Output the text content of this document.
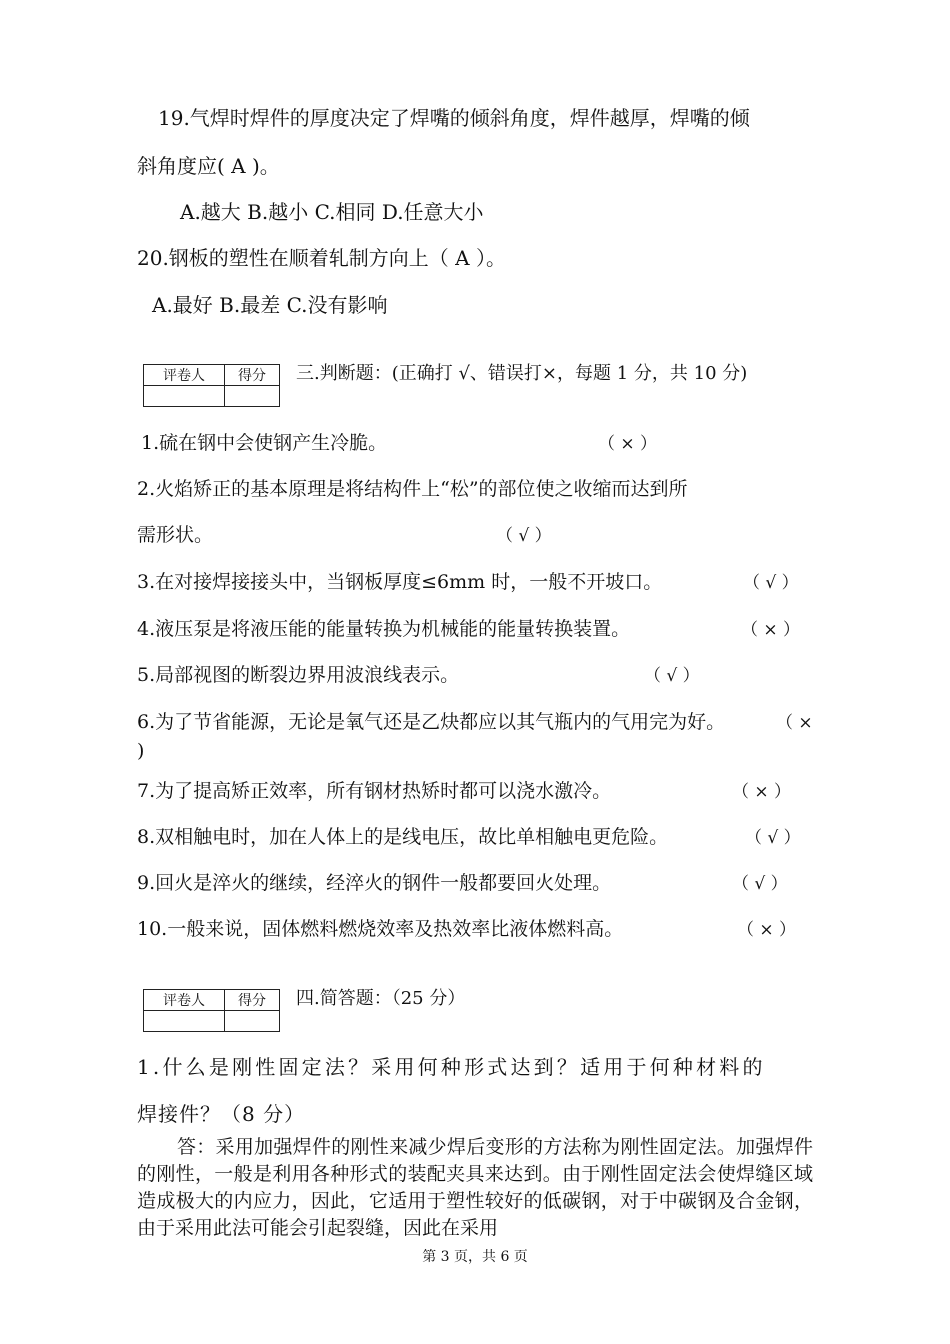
19.气焊时焊件的厚度决定了焊嘴的倾斜角度，焊件越厚，焊嘴的倾
斜角度应( A )。
A.越大 B.越小 C.相同 D.任意大小
20.钢板的塑性在顺着轧制方向上（ A ）。
A.最好 B.最差 C.没有影响
评卷人	得分
	三.判断题：(正确打 √、错误打×，每题 1 分，共 10 分)
1.硫在钢中会使钢产生冷脆。	（ × ）
2.火焰矫正的基本原理是将结构件上“松”的部位使之收缩而达到所
需形状。	（ √ ）
3.在对接焊接接头中，当钢板厚度≤6mm 时，一般不开坡口。	（ √ ）
4.液压泵是将液压能的能量转换为机械能的能量转换装置。	（ × ）
5.局部视图的断裂边界用波浪线表示。	（ √ ）
6.为了节省能源，无论是氧气还是乙炔都应以其气瓶内的气用完为好。	（ ×
)
7.为了提高矫正效率，所有钢材热矫时都可以浇水激冷。	（ × ）
8.双相触电时，加在人体上的是线电压，故比单相触电更危险。	（ √ ）
9.回火是淬火的继续，经淬火的钢件一般都要回火处理。	（ √ ）
10.一般来说，固体燃料燃烧效率及热效率比液体燃料高。	（ × ）
评卷人	得分
	四.简答题：（25 分）
1.什么是刚性固定法？采用何种形式达到？适用于何种材料的
焊接件？（8 分）
答：采用加强焊件的刚性来减少焊后变形的方法称为刚性固定法。加强焊件的刚性，一般是利用各种形式的装配夹具来达到。由于刚性固定法会使焊缝区域造成极大的内应力，因此，它适用于塑性较好的低碳钢，对于中碳钢及合金钢，由于采用此法可能会引起裂缝，因此在采用
第 3 页，共 6 页
